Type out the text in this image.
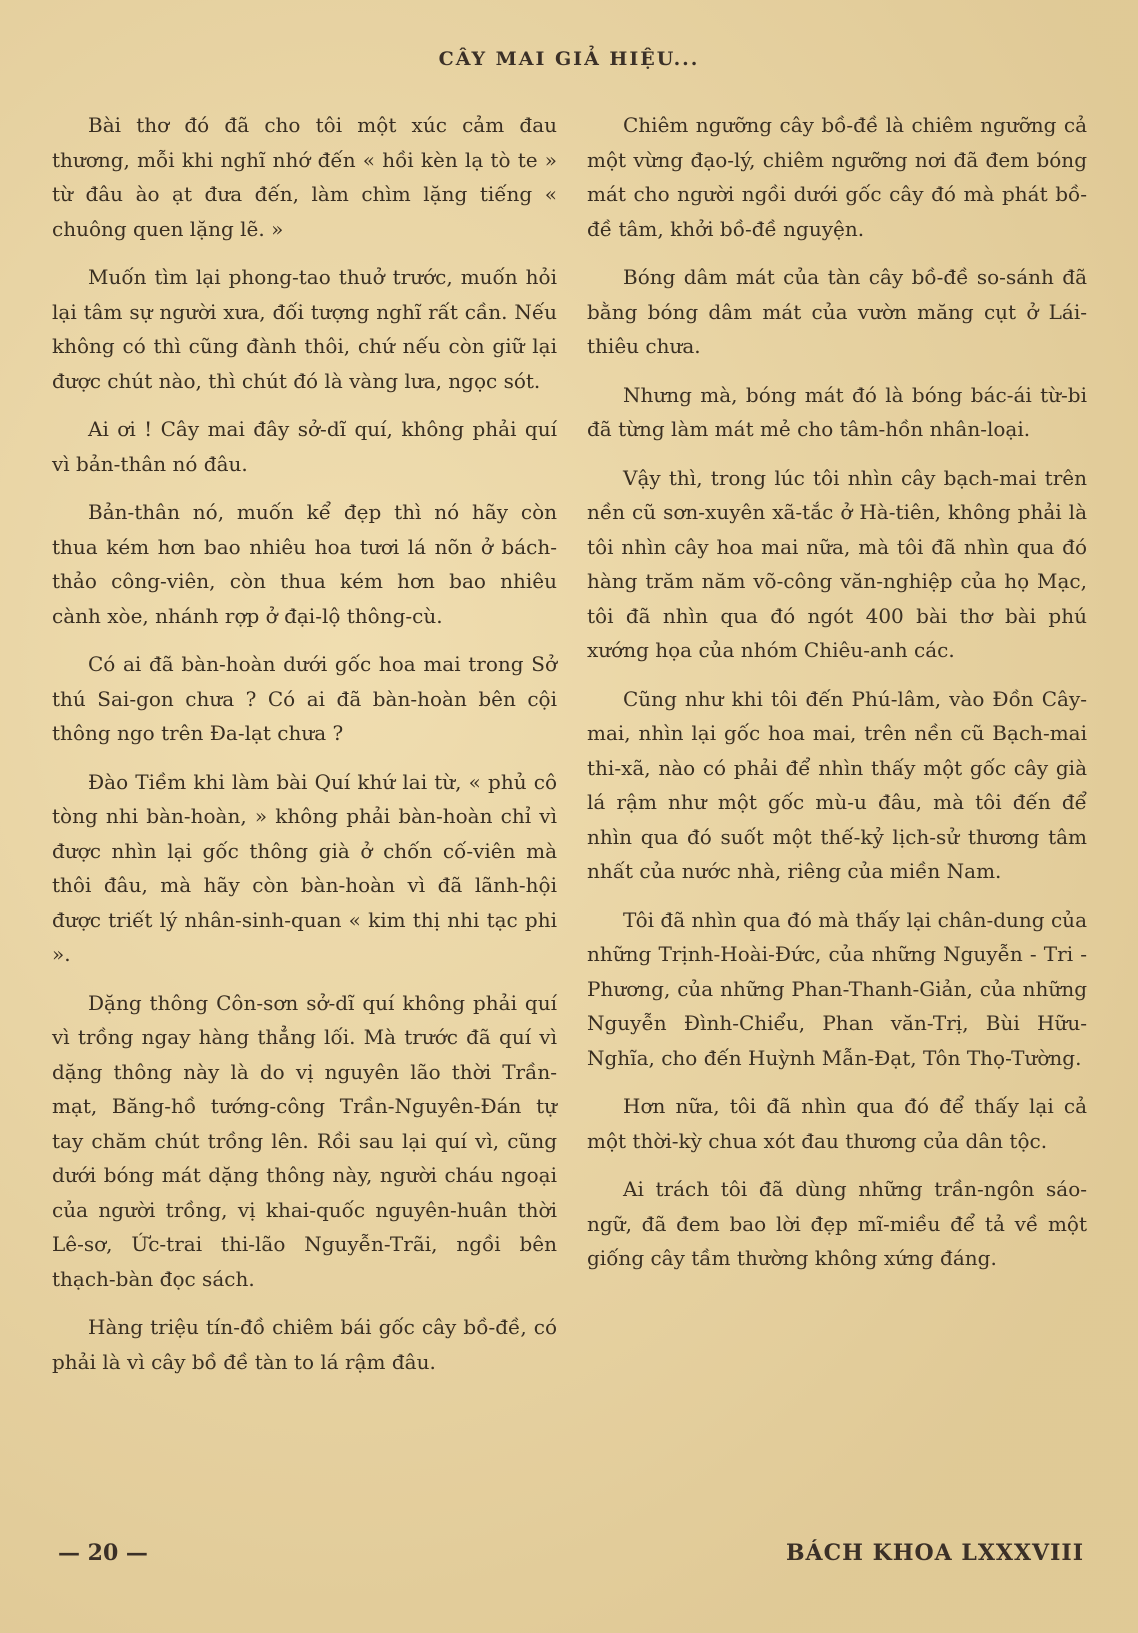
CÂY MAI GIẢ HIỆU...

Bài thơ đó đã cho tôi một xúc cảm đau thương, mỗi khi nghĩ nhớ đến « hồi kèn lạ tò te » từ đâu ào ạt đưa đến, làm chìm lặng tiếng « chuông quen lặng lẽ. »

Muốn tìm lại phong-tao thuở trước, muốn hỏi lại tâm sự người xưa, đối tượng nghĩ rất cần. Nếu không có thì cũng đành thôi, chứ nếu còn giữ lại được chút nào, thì chút đó là vàng lưa, ngọc sót.

Ai ơi ! Cây mai đây sở-dĩ quí, không phải quí vì bản-thân nó đâu.

Bản-thân nó, muốn kể đẹp thì nó hãy còn thua kém hơn bao nhiêu hoa tươi lá nõn ở bách-thảo công-viên, còn thua kém hơn bao nhiêu cành xòe, nhánh rợp ở đại-lộ thông-cù.

Có ai đã bàn-hoàn dưới gốc hoa mai trong Sở thú Sai-gon chưa ? Có ai đã bàn-hoàn bên cội thông ngo trên Đa-lạt chưa ?

Đào Tiềm khi làm bài Quí khứ lai từ, « phủ cô tòng nhi bàn-hoàn, » không phải bàn-hoàn chỉ vì được nhìn lại gốc thông già ở chốn cố-viên mà thôi đâu, mà hãy còn bàn-hoàn vì đã lãnh-hội được triết lý nhân-sinh-quan « kim thị nhi tạc phi ».

Dặng thông Côn-sơn sở-dĩ quí không phải quí vì trồng ngay hàng thẳng lối. Mà trước đã quí vì dặng thông này là do vị nguyên lão thời Trần-mạt, Băng-hồ tướng-công Trần-Nguyên-Đán tự tay chăm chút trồng lên. Rồi sau lại quí vì, cũng dưới bóng mát dặng thông này, người cháu ngoại của người trồng, vị khai-quốc nguyên-huân thời Lê-sơ, Ức-trai thi-lão Nguyễn-Trãi, ngồi bên thạch-bàn đọc sách.

Hàng triệu tín-đồ chiêm bái gốc cây bồ-đề, có phải là vì cây bồ đề tàn to lá rậm đâu.

Chiêm ngưỡng cây bồ-đề là chiêm ngưỡng cả một vừng đạo-lý, chiêm ngưỡng nơi đã đem bóng mát cho người ngồi dưới gốc cây đó mà phát bồ-đề tâm, khởi bồ-đề nguyện.

Bóng dâm mát của tàn cây bồ-đề so-sánh đã bằng bóng dâm mát của vườn măng cụt ở Lái-thiêu chưa.

Nhưng mà, bóng mát đó là bóng bác-ái từ-bi đã từng làm mát mẻ cho tâm-hồn nhân-loại.

Vậy thì, trong lúc tôi nhìn cây bạch-mai trên nền cũ sơn-xuyên xã-tắc ở Hà-tiên, không phải là tôi nhìn cây hoa mai nữa, mà tôi đã nhìn qua đó hàng trăm năm võ-công văn-nghiệp của họ Mạc, tôi đã nhìn qua đó ngót 400 bài thơ bài phú xướng họa của nhóm Chiêu-anh các.

Cũng như khi tôi đến Phú-lâm, vào Đồn Cây-mai, nhìn lại gốc hoa mai, trên nền cũ Bạch-mai thi-xã, nào có phải để nhìn thấy một gốc cây già lá rậm như một gốc mù-u đâu, mà tôi đến để nhìn qua đó suốt một thế-kỷ lịch-sử thương tâm nhất của nước nhà, riêng của miền Nam.

Tôi đã nhìn qua đó mà thấy lại chân-dung của những Trịnh-Hoài-Đức, của những Nguyễn - Tri - Phương, của những Phan-Thanh-Giản, của những Nguyễn Đình-Chiểu, Phan văn-Trị, Bùi Hữu-Nghĩa, cho đến Huỳnh Mẫn-Đạt, Tôn Thọ-Tường.

Hơn nữa, tôi đã nhìn qua đó để thấy lại cả một thời-kỳ chua xót đau thương của dân tộc.

Ai trách tôi đã dùng những trần-ngôn sáo-ngữ, đã đem bao lời đẹp mĩ-miều để tả về một giống cây tầm thường không xứng đáng.

— 20 —	BÁCH KHOA LXXXVIII
